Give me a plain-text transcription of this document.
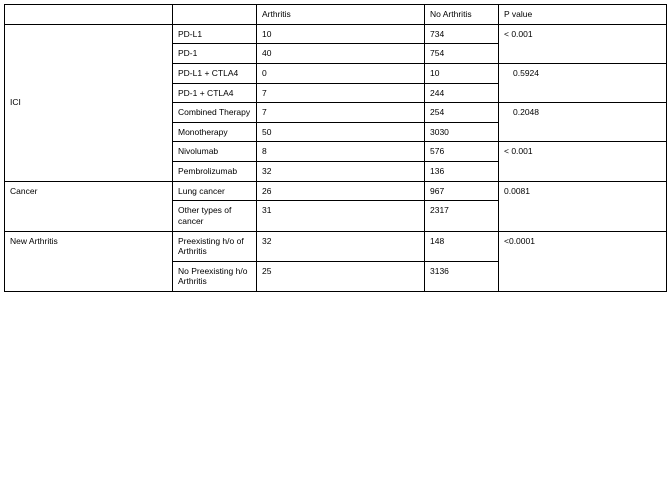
		Arthritis	No Arthritis	P value
ICI	PD-L1	10	734	< 0.001
	PD-1	40	754	
	PD-L1 + CTLA4	0	10	0.5924
	PD-1 + CTLA4	7	244	
	Combined Therapy	7	254	0.2048
	Monotherapy	50	3030	
	Nivolumab	8	576	< 0.001
	Pembrolizumab	32	136	
Cancer	Lung cancer	26	967	0.0081
	Other types of cancer	31	2317	
New Arthritis	Preexisting h/o of Arthritis	32	148	<0.0001
	No Preexisting h/o Arthritis	25	3136	
